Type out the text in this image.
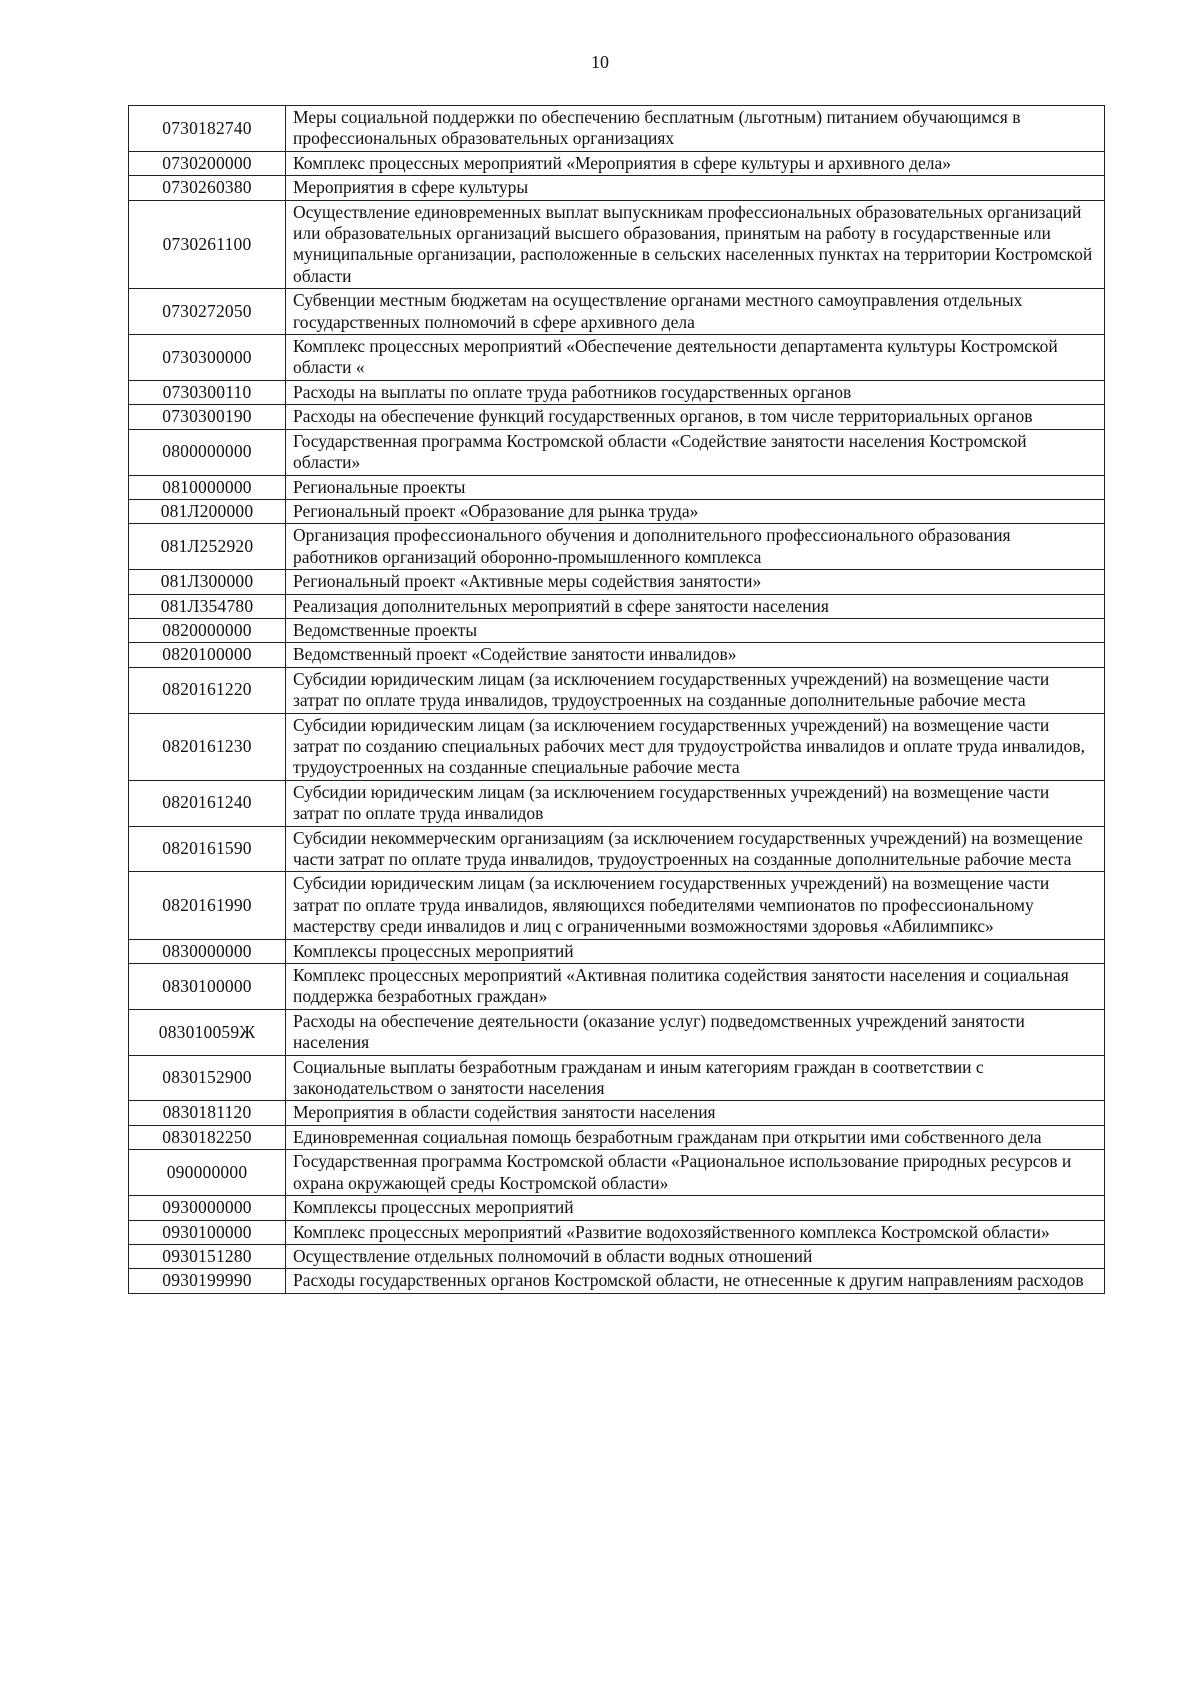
10
0730182740	Меры социальной поддержки по обеспечению бесплатным (льготным) питанием обучающимся в профессиональных образовательных организациях
0730200000	Комплекс процессных мероприятий «Мероприятия в сфере культуры и архивного дела»
0730260380	Мероприятия в сфере культуры
0730261100	Осуществление единовременных выплат выпускникам профессиональных образовательных организаций или образовательных организаций высшего образования, принятым на работу в государственные или муниципальные организации, расположенные в сельских населенных пунктах на территории Костромской области
0730272050	Субвенции местным бюджетам на осуществление органами местного самоуправления отдельных государственных полномочий в сфере архивного дела
0730300000	Комплекс процессных мероприятий «Обеспечение деятельности департамента культуры Костромской области «
0730300110	Расходы на выплаты по оплате труда работников государственных органов
0730300190	Расходы на обеспечение функций государственных органов, в том числе территориальных органов
0800000000	Государственная программа Костромской области «Содействие занятости населения Костромской области»
0810000000	Региональные проекты
081Л200000	Региональный проект «Образование для рынка труда»
081Л252920	Организация профессионального обучения и дополнительного профессионального образования работников организаций оборонно-промышленного комплекса
081Л300000	Региональный проект «Активные меры содействия занятости»
081Л354780	Реализация дополнительных мероприятий в сфере занятости населения
0820000000	Ведомственные проекты
0820100000	Ведомственный проект «Содействие занятости инвалидов»
0820161220	Субсидии юридическим лицам (за исключением государственных учреждений) на возмещение части затрат по оплате труда инвалидов, трудоустроенных на созданные дополнительные рабочие места
0820161230	Субсидии юридическим лицам (за исключением государственных учреждений) на возмещение части затрат по созданию специальных рабочих мест для трудоустройства инвалидов и оплате труда инвалидов, трудоустроенных на созданные специальные рабочие места
0820161240	Субсидии юридическим лицам (за исключением государственных учреждений) на возмещение части затрат по оплате труда инвалидов
0820161590	Субсидии некоммерческим организациям (за исключением государственных учреждений) на возмещение части затрат по оплате труда инвалидов, трудоустроенных на созданные дополнительные рабочие места
0820161990	Субсидии юридическим лицам (за исключением государственных учреждений) на возмещение части затрат по оплате труда инвалидов, являющихся победителями чемпионатов по профессиональному мастерству среди инвалидов и лиц с ограниченными возможностями здоровья «Абилимпикс»
0830000000	Комплексы процессных мероприятий
0830100000	Комплекс процессных мероприятий «Активная политика содействия занятости населения и социальная поддержка безработных граждан»
083010059Ж	Расходы на обеспечение деятельности (оказание услуг) подведомственных учреждений занятости населения
0830152900	Социальные выплаты безработным гражданам и иным категориям граждан в соответствии с законодательством о занятости населения
0830181120	Мероприятия в области содействия занятости населения
0830182250	Единовременная социальная помощь безработным гражданам при открытии ими собственного дела
090000000	Государственная программа Костромской области «Рациональное использование природных ресурсов и охрана окружающей среды Костромской области»
0930000000	Комплексы процессных мероприятий
0930100000	Комплекс процессных мероприятий «Развитие водохозяйственного комплекса Костромской области»
0930151280	Осуществление отдельных полномочий в области водных отношений
0930199990	Расходы государственных органов Костромской области, не отнесенные к другим направлениям расходов
